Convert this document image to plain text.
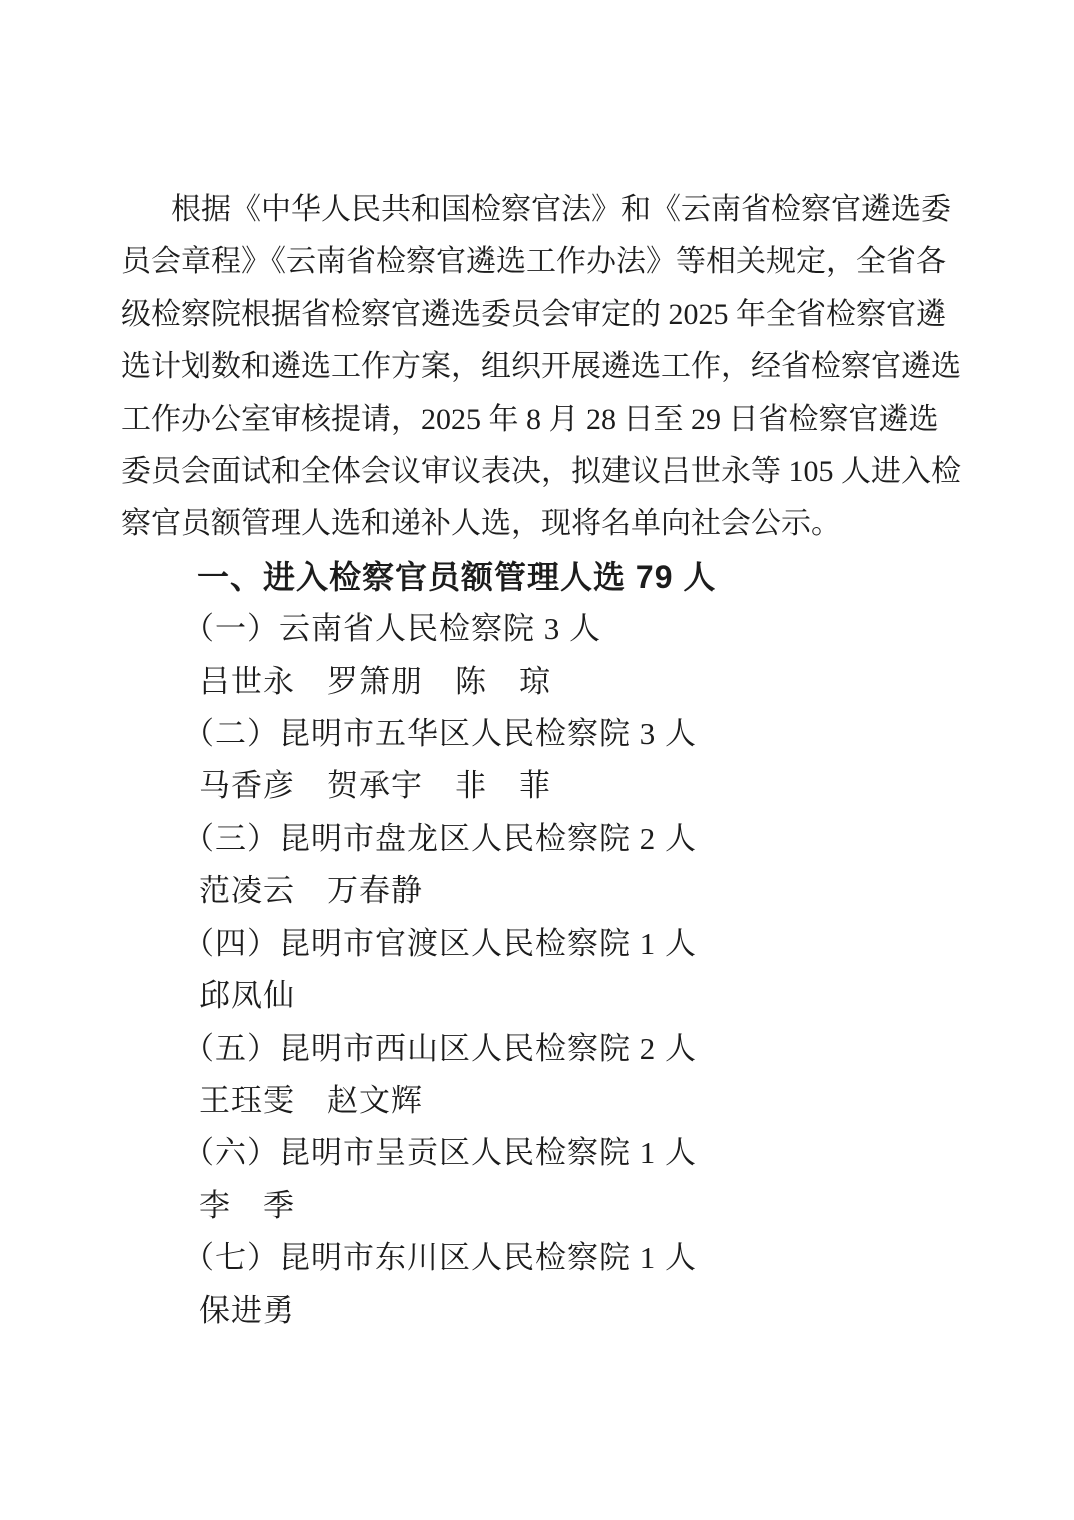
根据《中华人民共和国检察官法》和《云南省检察官遴选委
员会章程》《云南省检察官遴选工作办法》等相关规定，全省各
级检察院根据省检察官遴选委员会审定的 2025 年全省检察官遴
选计划数和遴选工作方案，组织开展遴选工作，经省检察官遴选
工作办公室审核提请，2025 年 8 月 28 日至 29 日省检察官遴选
委员会面试和全体会议审议表决，拟建议吕世永等 105 人进入检
察官员额管理人选和递补人选，现将名单向社会公示。
一、进入检察官员额管理人选 79 人
（一）云南省人民检察院 3 人
吕世永　罗箫朋　陈　琼
（二）昆明市五华区人民检察院 3 人
马香彦　贺承宇　非　菲
（三）昆明市盘龙区人民检察院 2 人
范凌云　万春静
（四）昆明市官渡区人民检察院 1 人
邱凤仙
（五）昆明市西山区人民检察院 2 人
王珏雯　赵文辉
（六）昆明市呈贡区人民检察院 1 人
李　季
（七）昆明市东川区人民检察院 1 人
保进勇
